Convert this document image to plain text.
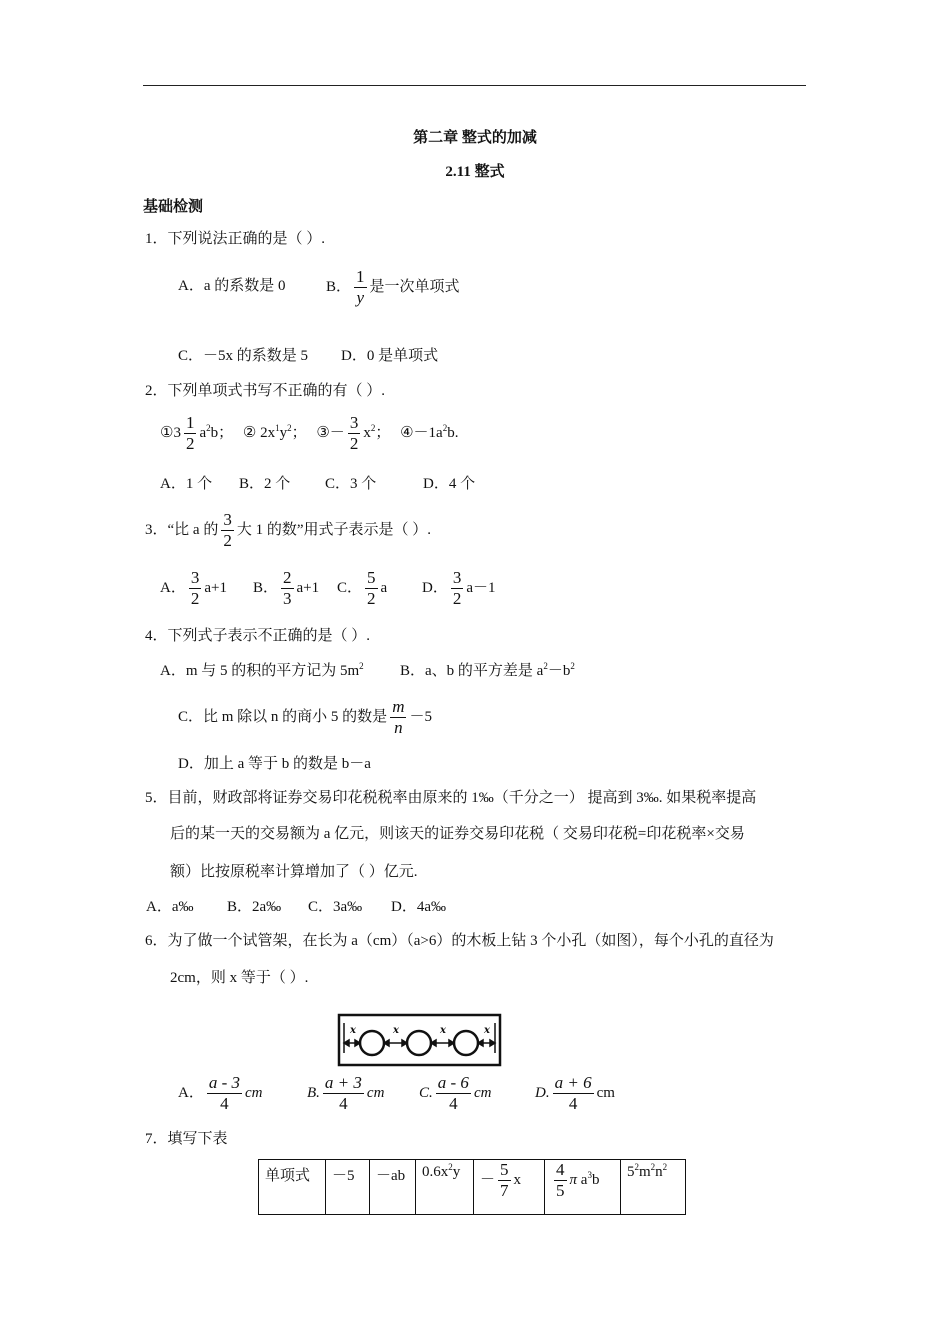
第二章 整式的加减
2.11 整式
基础检测
1．下列说法正确的是（ ）.
A．a 的系数是 0	B． $\frac{1}{y}$ 是一次单项式
C．－5x 的系数是 5 D．0 是单项式
2．下列单项式书写不正确的有（ ）.
①3 $\frac{1}{2} a^2b$； ② $2x^1y^2$； ③－ $\frac{3}{2} x^2$； $④-1a^2b$.
A．1 个 B．2 个 C．3 个	D．4 个
3．“比 a 的 $\frac{3}{2}$ 大 1 的数”用式子表示是（ ）.
A． $\frac{3}{2} a+1$ B． $\frac{2}{3} a+1$ C． $\frac{5}{2}$ a D． $\frac{3}{2} a-1$
4．下列式子表示不正确的是（ ）.
A．m 与 5 的积的平方记为 $5m^2$ B．a、b 的平方差是 $a^2-b^2$
C．比 m 除以 n 的商小 5 的数是 $\frac{m}{n} -5$
D．加上 a 等于 b 的数是 b－a
5．目前，财政部将证券交易印花税税率由原来的 1‰（千分之一） 提高到 3‰. 如果税率提高
后的某一天的交易额为 a 亿元，则该天的证券交易印花税（ 交易印花税=印花税率×交易
额）比按原税率计算增加了（ ）亿元.
A．a‰ B．2a‰ C．3a‰ D．4a‰
6．为了做一个试管架，在长为 a（cm）（a>6）的木板上钻 3 个小孔（如图），每个小孔的直径为
2cm，则 x 等于（ ）.
x	x	x	x
A． $\frac{a - 3}{4}$ cm	B. $\frac{a + 3}{4}$ cm C. $\frac{a - 6}{4}$ cm	D. $\frac{a + 6}{4}$ cm
7．填写下表
单项式	－5	－ab	$0.6x^2y$	－ $\frac{5}{7}$ x	$\frac{4}{5}$ π $a^3b$	$5^2m^2n^2$
